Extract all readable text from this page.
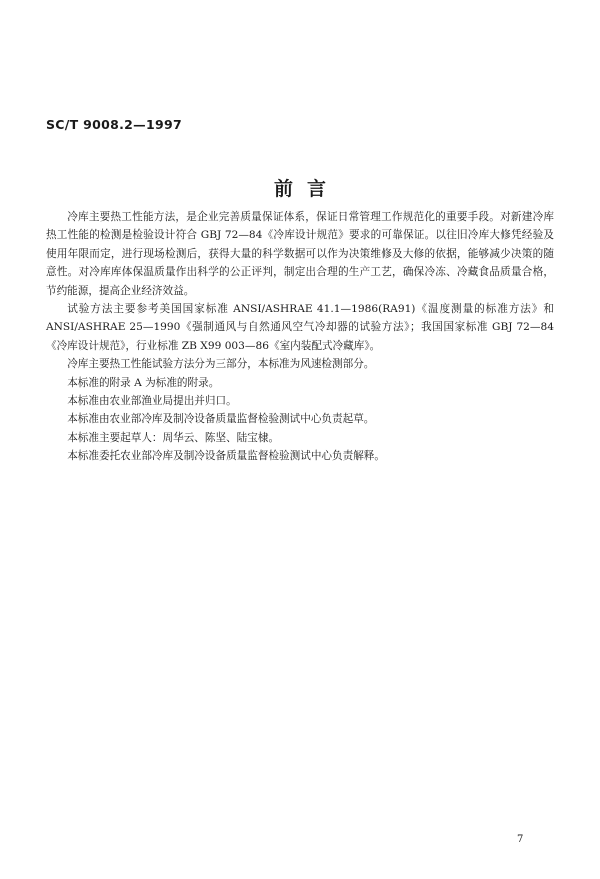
SC/T 9008.2—1997
前言

冷库主要热工性能方法，是企业完善质量保证体系，保证日常管理工作规范化的重要手段。对新建冷库热工性能的检测是检验设计符合 GBJ 72—84《冷库设计规范》要求的可靠保证。以往旧冷库大修凭经验及使用年限而定，进行现场检测后，获得大量的科学数据可以作为决策维修及大修的依据，能够减少决策的随意性。对冷库库体保温质量作出科学的公正评判，制定出合理的生产工艺，确保冷冻、冷藏食品质量合格，节约能源，提高企业经济效益。

试验方法主要参考美国国家标准 ANSI/ASHRAE 41.1—1986(RA91)《温度测量的标准方法》和 ANSI/ASHRAE 25—1990《强制通风与自然通风空气冷却器的试验方法》；我国国家标准 GBJ 72—84《冷库设计规范》，行业标准 ZB X99 003—86《室内装配式冷藏库》。

冷库主要热工性能试验方法分为三部分，本标准为风速检测部分。

本标准的附录 A 为标准的附录。

本标准由农业部渔业局提出并归口。

本标准由农业部冷库及制冷设备质量监督检验测试中心负责起草。

本标准主要起草人：周华云、陈坚、陆宝棣。

本标准委托农业部冷库及制冷设备质量监督检验测试中心负责解释。

7
